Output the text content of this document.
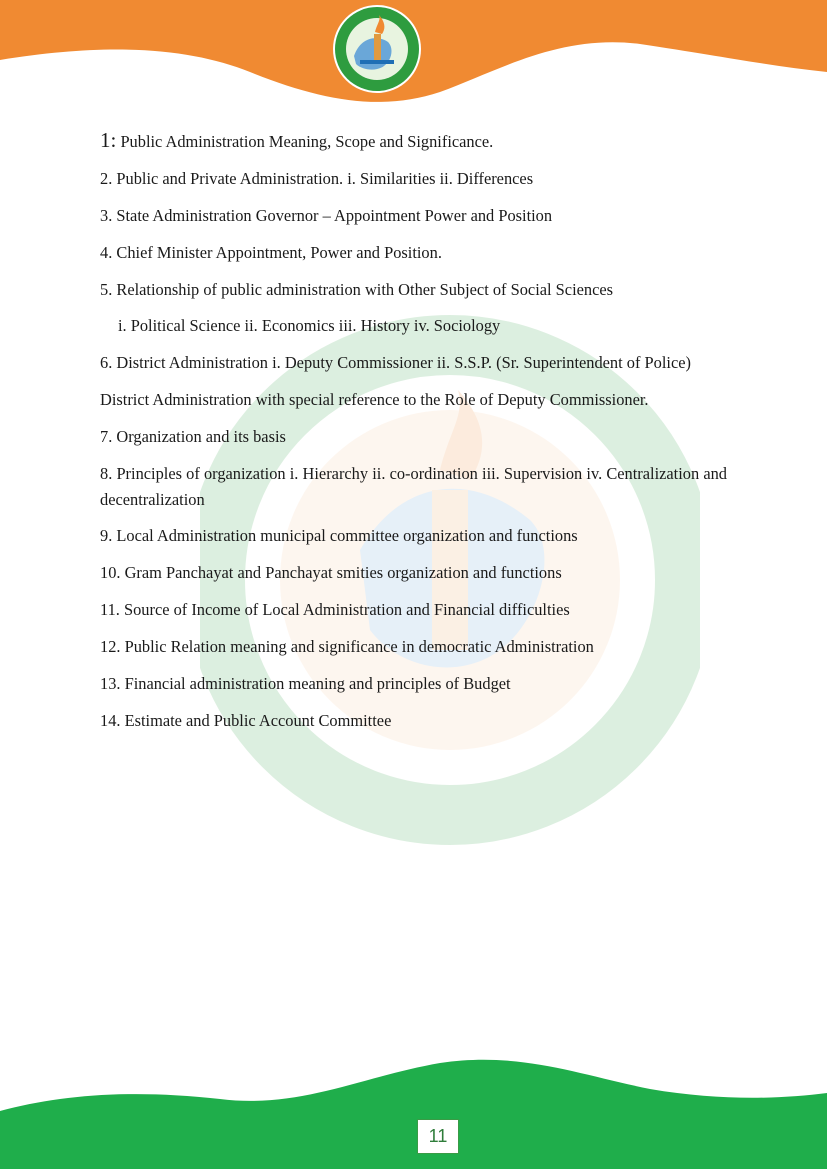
1: Public Administration Meaning, Scope and Significance.

2. Public and Private Administration. i. Similarities ii. Differences

3. State Administration Governor – Appointment Power and Position

4. Chief Minister Appointment, Power and Position.

5. Relationship of public administration with Other Subject of Social Sciences

i. Political Science ii. Economics iii. History iv. Sociology

6. District Administration i. Deputy Commissioner ii. S.S.P. (Sr. Superintendent of Police)

District Administration with special reference to the Role of Deputy Commissioner.

7. Organization and its basis

8. Principles of organization i. Hierarchy ii. co-ordination iii. Supervision iv. Centralization and decentralization

9. Local Administration municipal committee organization and functions

10. Gram Panchayat and Panchayat smities organization and functions

11. Source of Income of Local Administration and Financial difficulties

12. Public Relation meaning and significance in democratic Administration

13. Financial administration meaning and principles of Budget

14. Estimate and Public Account Committee

11
